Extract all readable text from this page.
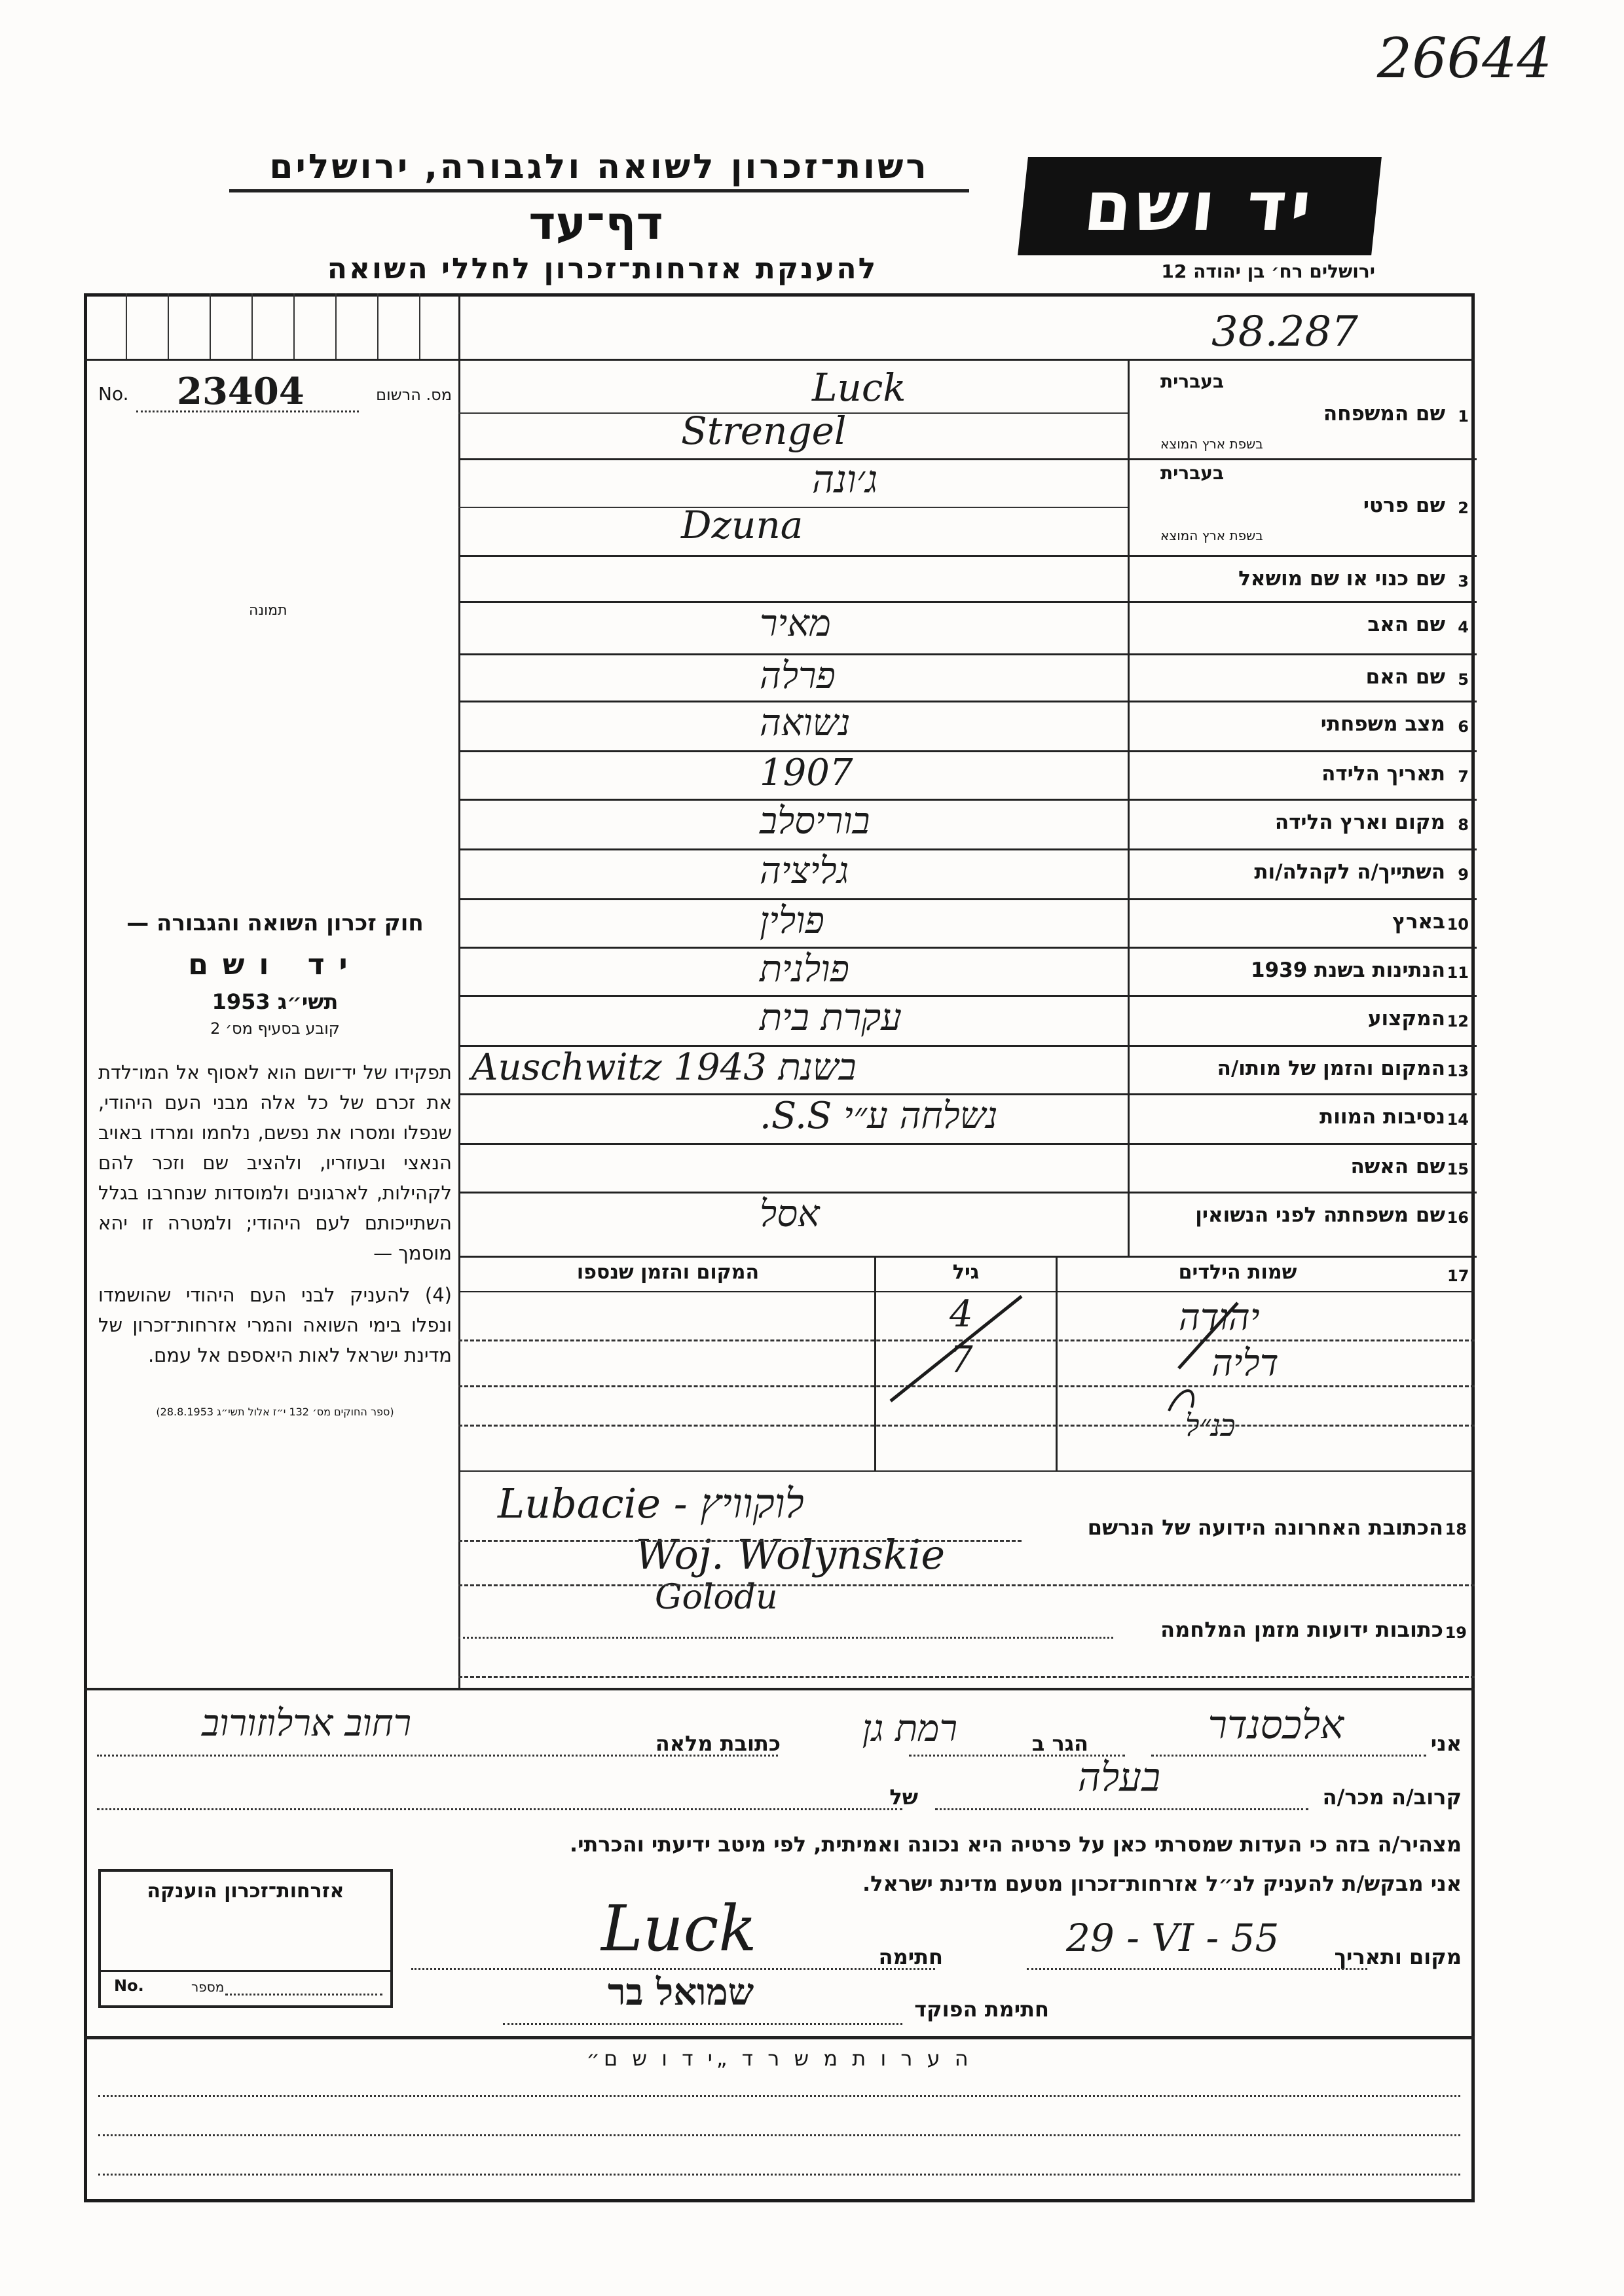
26644
רשות־זכרון לשואה ולגבורה, ירושלים
דף־עד
להענקת אזרחות־זכרון לחללי השואה
יד ושם
ירושלים רח׳ בן יהודה 12
38.287
No. 23404	מס. הרשום
תמונה
1
שם המשפחה
בעברית
בשפת ארץ המוצא
Luck
Strengel
2
שם פרטי
בעברית
בשפת ארץ המוצא
ג׳ונה
Dzuna
3
שם כנוי או שם מושאל
4
שם האב
מאיר
5
שם האם
פרלה
6
מצב משפחתי
נשואה
7
תאריך הלידה
1907
8
מקום וארץ הלידה
בוריסלב
9
השתייך/ה לקהלה/ות
גליציה
10
בארץ
פולין
11
הנתינות בשנת 1939
פולנית
12
המקצוע
עקרת בית
13
המקום והזמן של מותו/ה
Auschwitz 1943 בשנת
14
נסיבות המוות
נשלחה ע״י S.S.
15
שם האשה
16
שם משפחתה לפני הנשואין
אסל
17
שמות הילדים
גיל
המקום והזמן שנספו
יהודה
4
דליה
7
כנ״ל
חוק זכרון השואה והגבורה —
יד ושם
תשי״ג 1953
קובע בסעיף מס׳ 2
תפקידו של יד־ושם הוא לאסוף אל המו־לדת את זכרם של כל אלה מבני העם היהודי, שנפלו ומסרו את נפשם, נלחמו ומרדו באויב הנאצי ובעוזריו, ולהציב שם וזכר להם לקהילות, לארגונים ולמוסדות שנחרבו בגלל השתייכותם לעם היהודי; ולמטרה זו יהא מוסמך —
(4) להעניק לבני העם היהודי שהושמדו ונפלו בימי השואה והמרי אזרחות־זכרון של מדינת ישראל לאות היאספם אל עמם.
(ספר החוקים מס׳ 132 י״ז אלול תשי״ג 28.8.1953)
18
הכתובת האחרונה הידועה של הנרשם
Lubacie - לוקוויץ
Woj. Wolynskie
Golodu
19
כתובות ידועות מזמן המלחמה
אני
אלכסנדר
הגר ב
רמת גן
כתובת מלאה
רחוב ארלוזורוב
קרוב/ה מכר/ה
בעלה
של
מצהיר/ה בזה כי העדות שמסרתי כאן על פרטיה היא נכונה ואמיתית, לפי מיטב ידיעתי והכרתי.
אני מבקש/ת להעניק לנ״ל אזרחות־זכרון מטעם מדינת ישראל.
מקום ותאריך
29 - VI - 55
חתימה
Luck
חתימת הפוקד
שמואל בר
אזרחות־זכרון הוענקה
No.	מספר
ה ע ר ו ת מ ש ר ד „י ד ו ש ם״
